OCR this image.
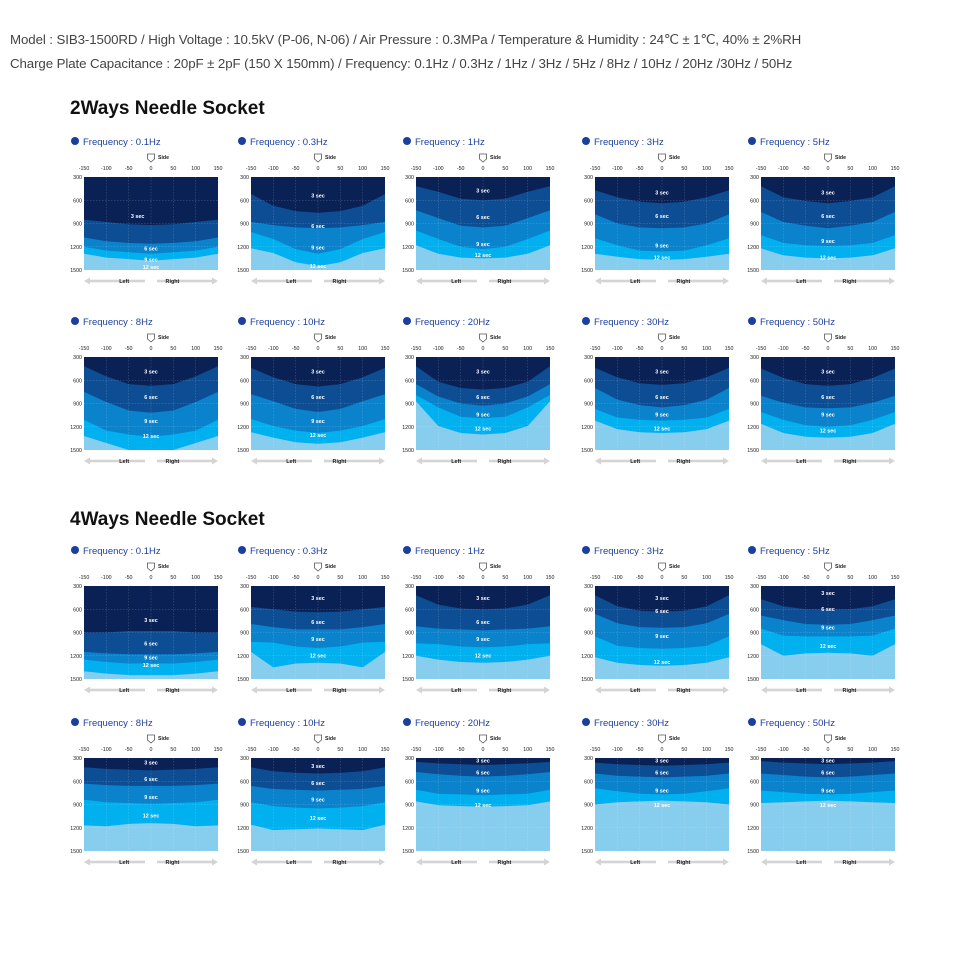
Model : SIB3-1500RD / High Voltage : 10.5kV (P-06, N-06) / Air Pressure : 0.3MPa / Temperature & Humidity : 24℃ ± 1℃, 40% ± 2%RH
Charge Plate Capacitance : 20pF ± 2pF (150 X 150mm) / Frequency: 0.1Hz / 0.3Hz / 1Hz / 3Hz / 5Hz / 8Hz / 10Hz / 20Hz /30Hz / 50Hz
2Ways Needle Socket
4Ways Needle Socket
Frequency : 0.1Hz
Side
-150 -100 -50	0	50	100	150
300
600
900
1200
1500
3 sec
6 sec
9 sec
12 sec
Left	Right
Frequency : 0.3Hz
Side
-150 -100 -50	0	50	100	150
300
600
900
1200
1500
3 sec
6 sec
9 sec
12 sec
Left	Right
Frequency : 1Hz
Side
-150 -100 -50	0	50	100	150
300
600
900
1200
1500
3 sec
6 sec
9 sec
12 sec
Left	Right
Frequency : 3Hz
Side
-150 -100 -50	0	50	100	150
300
600
900
1200
1500
3 sec
6 sec
9 sec
12 sec
Left	Right
Frequency : 5Hz
Side
-150 -100 -50	0	50	100	150
300
600
900
1200
1500
3 sec
6 sec
9 sec
12 sec
Left	Right
Frequency : 8Hz
Side
-150 -100 -50	0	50	100	150
300
600
900
1200
1500
3 sec
6 sec
9 sec
12 sec
Left	Right
Frequency : 10Hz
Side
-150 -100 -50	0	50	100	150
300
600
900
1200
1500
3 sec
6 sec
9 sec
12 sec
Left	Right
Frequency : 20Hz
Side
-150 -100 -50	0	50	100	150
300
600
900
1200
1500
3 sec
6 sec
9 sec
12 sec
Left	Right
Frequency : 30Hz
Side
-150 -100 -50	0	50	100	150
300
600
900
1200
1500
3 sec
6 sec
9 sec
12 sec
Left	Right
Frequency : 50Hz
Side
-150 -100 -50	0	50	100	150
300
600
900
1200
1500
3 sec
6 sec
9 sec
12 sec
Left	Right
Frequency : 0.1Hz
Side
-150 -100 -50	0	50	100	150
300
600
900
1200
1500
3 sec
6 sec
9 sec
12 sec
Left	Right
Frequency : 0.3Hz
Side
-150 -100 -50	0	50	100	150
300
600
900
1200
1500
3 sec
6 sec
9 sec
12 sec
Left	Right
Frequency : 1Hz
Side
-150 -100 -50	0	50	100	150
300
600
900
1200
1500
3 sec
6 sec
9 sec
12 sec
Left	Right
Frequency : 3Hz
Side
-150 -100 -50	0	50	100	150
300
600
900
1200
1500
3 sec
6 sec
9 sec
12 sec
Left	Right
Frequency : 5Hz
Side
-150 -100 -50	0	50	100	150
300
600
900
1200
1500
3 sec
6 sec
9 sec
12 sec
Left	Right
Frequency : 8Hz
Side
-150 -100 -50	0	50	100	150
300
600
900
1200
1500
3 sec
6 sec
9 sec
12 sec
Left	Right
Frequency : 10Hz
Side
-150 -100 -50	0	50	100	150
300
600
900
1200
1500
3 sec
6 sec
9 sec
12 sec
Left	Right
Frequency : 20Hz
Side
-150 -100 -50	0	50	100	150
300
600
900
1200
1500
3 sec
6 sec
9 sec
12 sec
Left	Right
Frequency : 30Hz
Side
-150 -100 -50	0	50	100	150
300
600
900
1200
1500
3 sec
6 sec
9 sec
12 sec
Left	Right
Frequency : 50Hz
Side
-150 -100 -50	0	50	100	150
300
600
900
1200
1500
3 sec
6 sec
9 sec
12 sec
Left	Right
